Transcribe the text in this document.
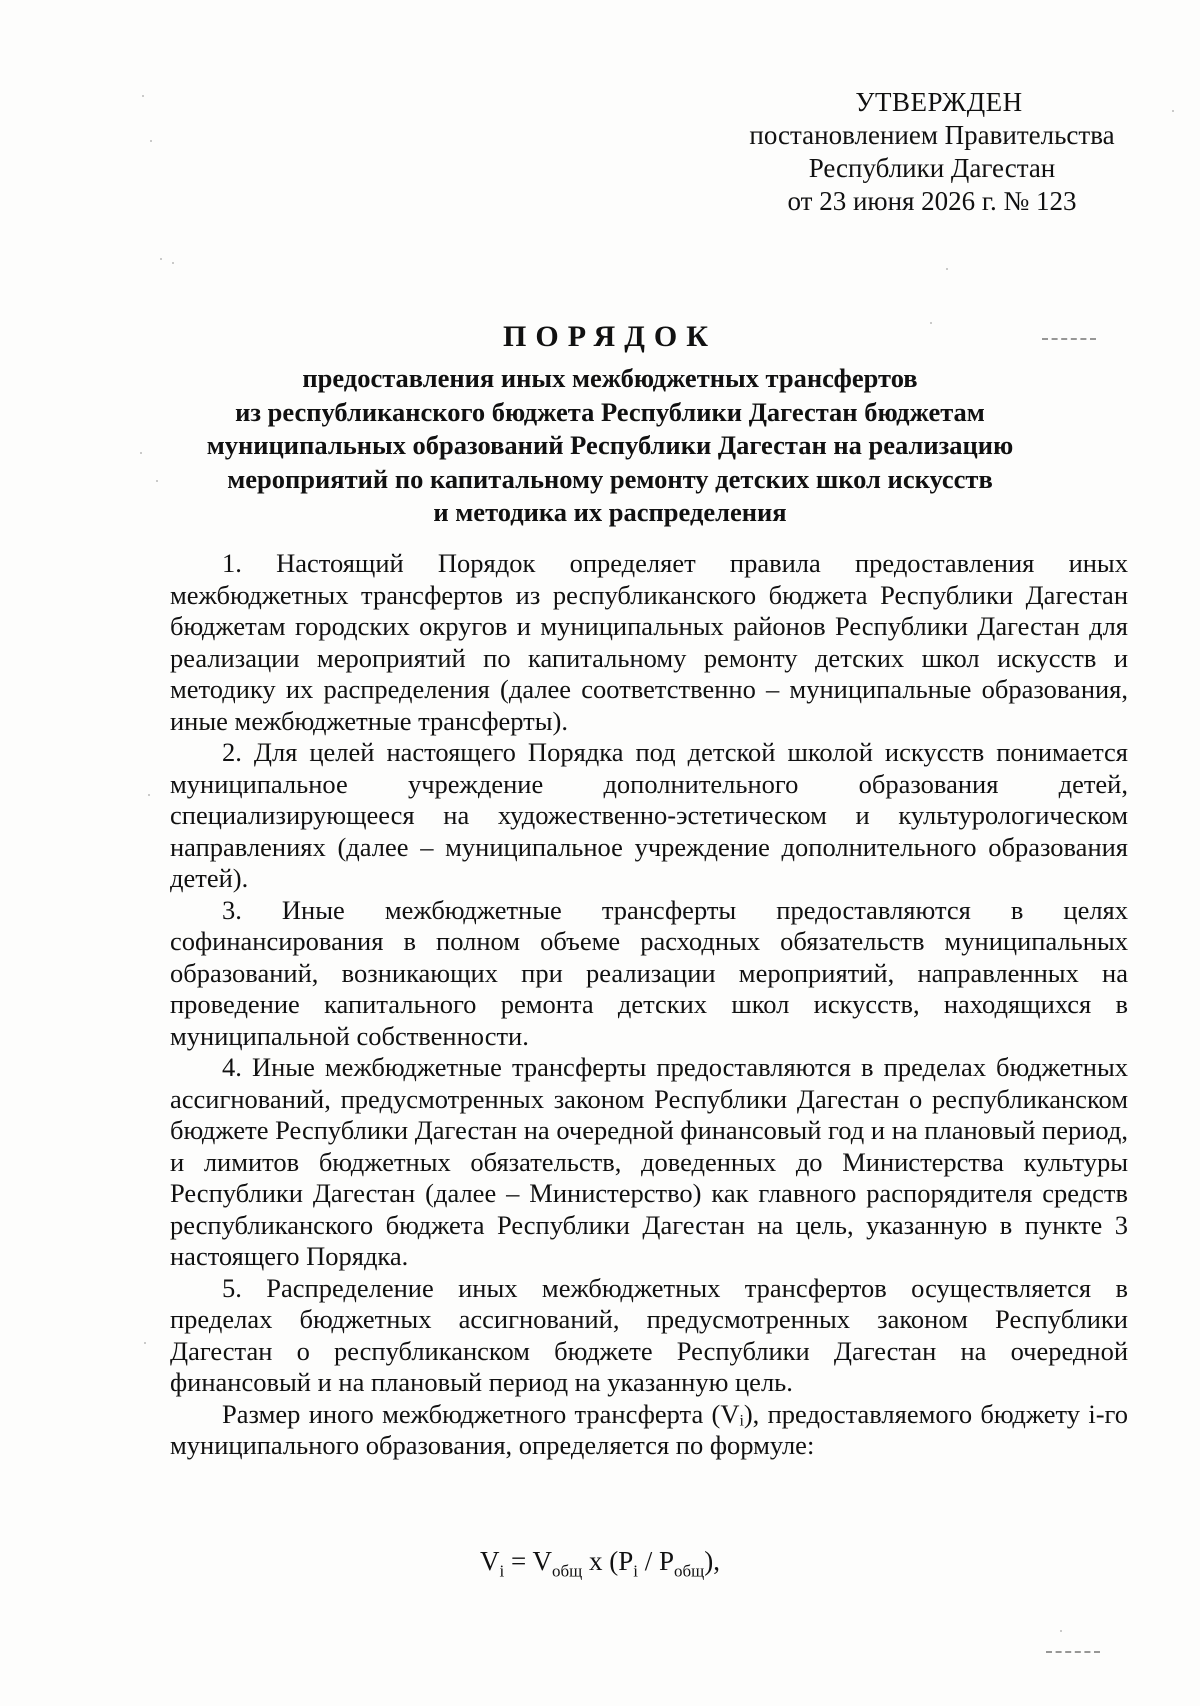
УТВЕРЖДЕН
постановлением Правительства
Республики Дагестан
от 23 июня 2026 г. № 123
ПОРЯДОК
предоставления иных межбюджетных трансфертов
из республиканского бюджета Республики Дагестан бюджетам
муниципальных образований Республики Дагестан на реализацию
мероприятий по капитальному ремонту детских школ искусств
и методика их распределения

1. Настоящий Порядок определяет правила предоставления иных межбюджетных трансфертов из республиканского бюджета Республики Дагестан бюджетам городских округов и муниципальных районов Республики Дагестан для реализации мероприятий по капитальному ремонту детских школ искусств и методику их распределения (далее соответственно – муниципальные образования, иные межбюджетные трансферты).

2. Для целей настоящего Порядка под детской школой искусств понимается муниципальное учреждение дополнительного образования детей, специализирующееся на художественно-эстетическом и культурологическом направлениях (далее – муниципальное учреждение дополнительного образования детей).

3. Иные межбюджетные трансферты предоставляются в целях софинансирования в полном объеме расходных обязательств муниципальных образований, возникающих при реализации мероприятий, направленных на проведение капитального ремонта детских школ искусств, находящихся в муниципальной собственности.

4. Иные межбюджетные трансферты предоставляются в пределах бюджетных ассигнований, предусмотренных законом Республики Дагестан о республиканском бюджете Республики Дагестан на очередной финансовый год и на плановый период, и лимитов бюджетных обязательств, доведенных до Министерства культуры Республики Дагестан (далее – Министерство) как главного распорядителя средств республиканского бюджета Республики Дагестан на цель, указанную в пункте 3 настоящего Порядка.

5. Распределение иных межбюджетных трансфертов осуществляется в пределах бюджетных ассигнований, предусмотренных законом Республики Дагестан о республиканском бюджете Республики Дагестан на очередной финансовый и на плановый период на указанную цель.

Размер иного межбюджетного трансферта (Vᵢ), предоставляемого бюджету i-го муниципального образования, определяется по формуле:

$V_i = V_{общ}$ x $(P_i / P_{общ})$,
